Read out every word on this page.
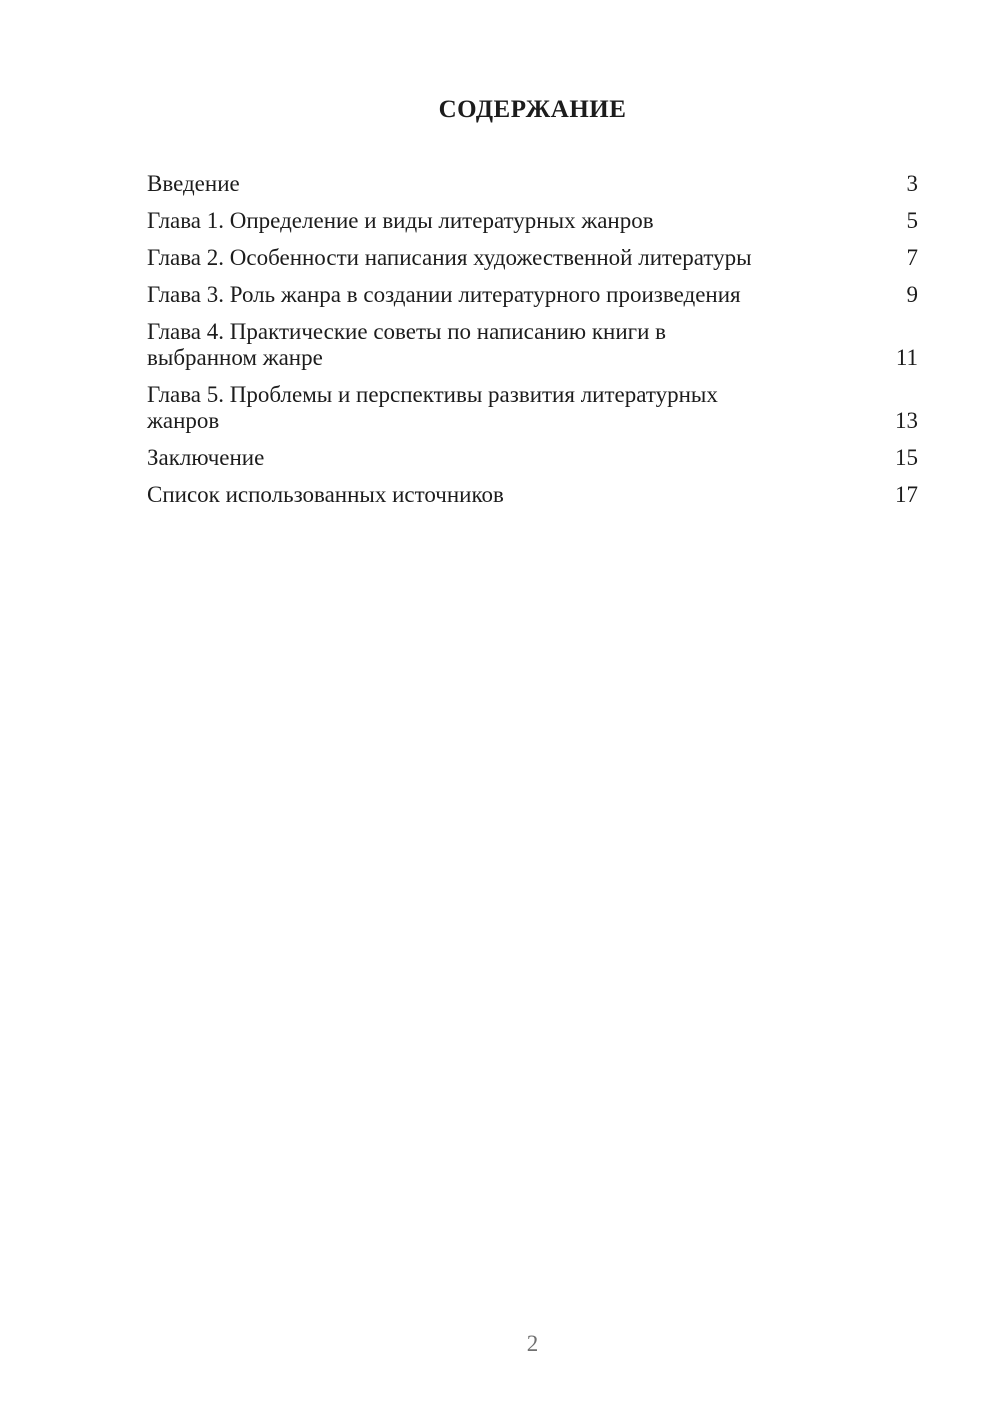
СОДЕРЖАНИЕ
Введение	3
Глава 1. Определение и виды литературных жанров	5
Глава 2. Особенности написания художественной литературы	7
Глава 3. Роль жанра в создании литературного произведения	9
Глава 4. Практические советы по написанию книги в
выбранном жанре	11
Глава 5. Проблемы и перспективы развития литературных
жанров	13
Заключение	15
Список использованных источников	17
2
